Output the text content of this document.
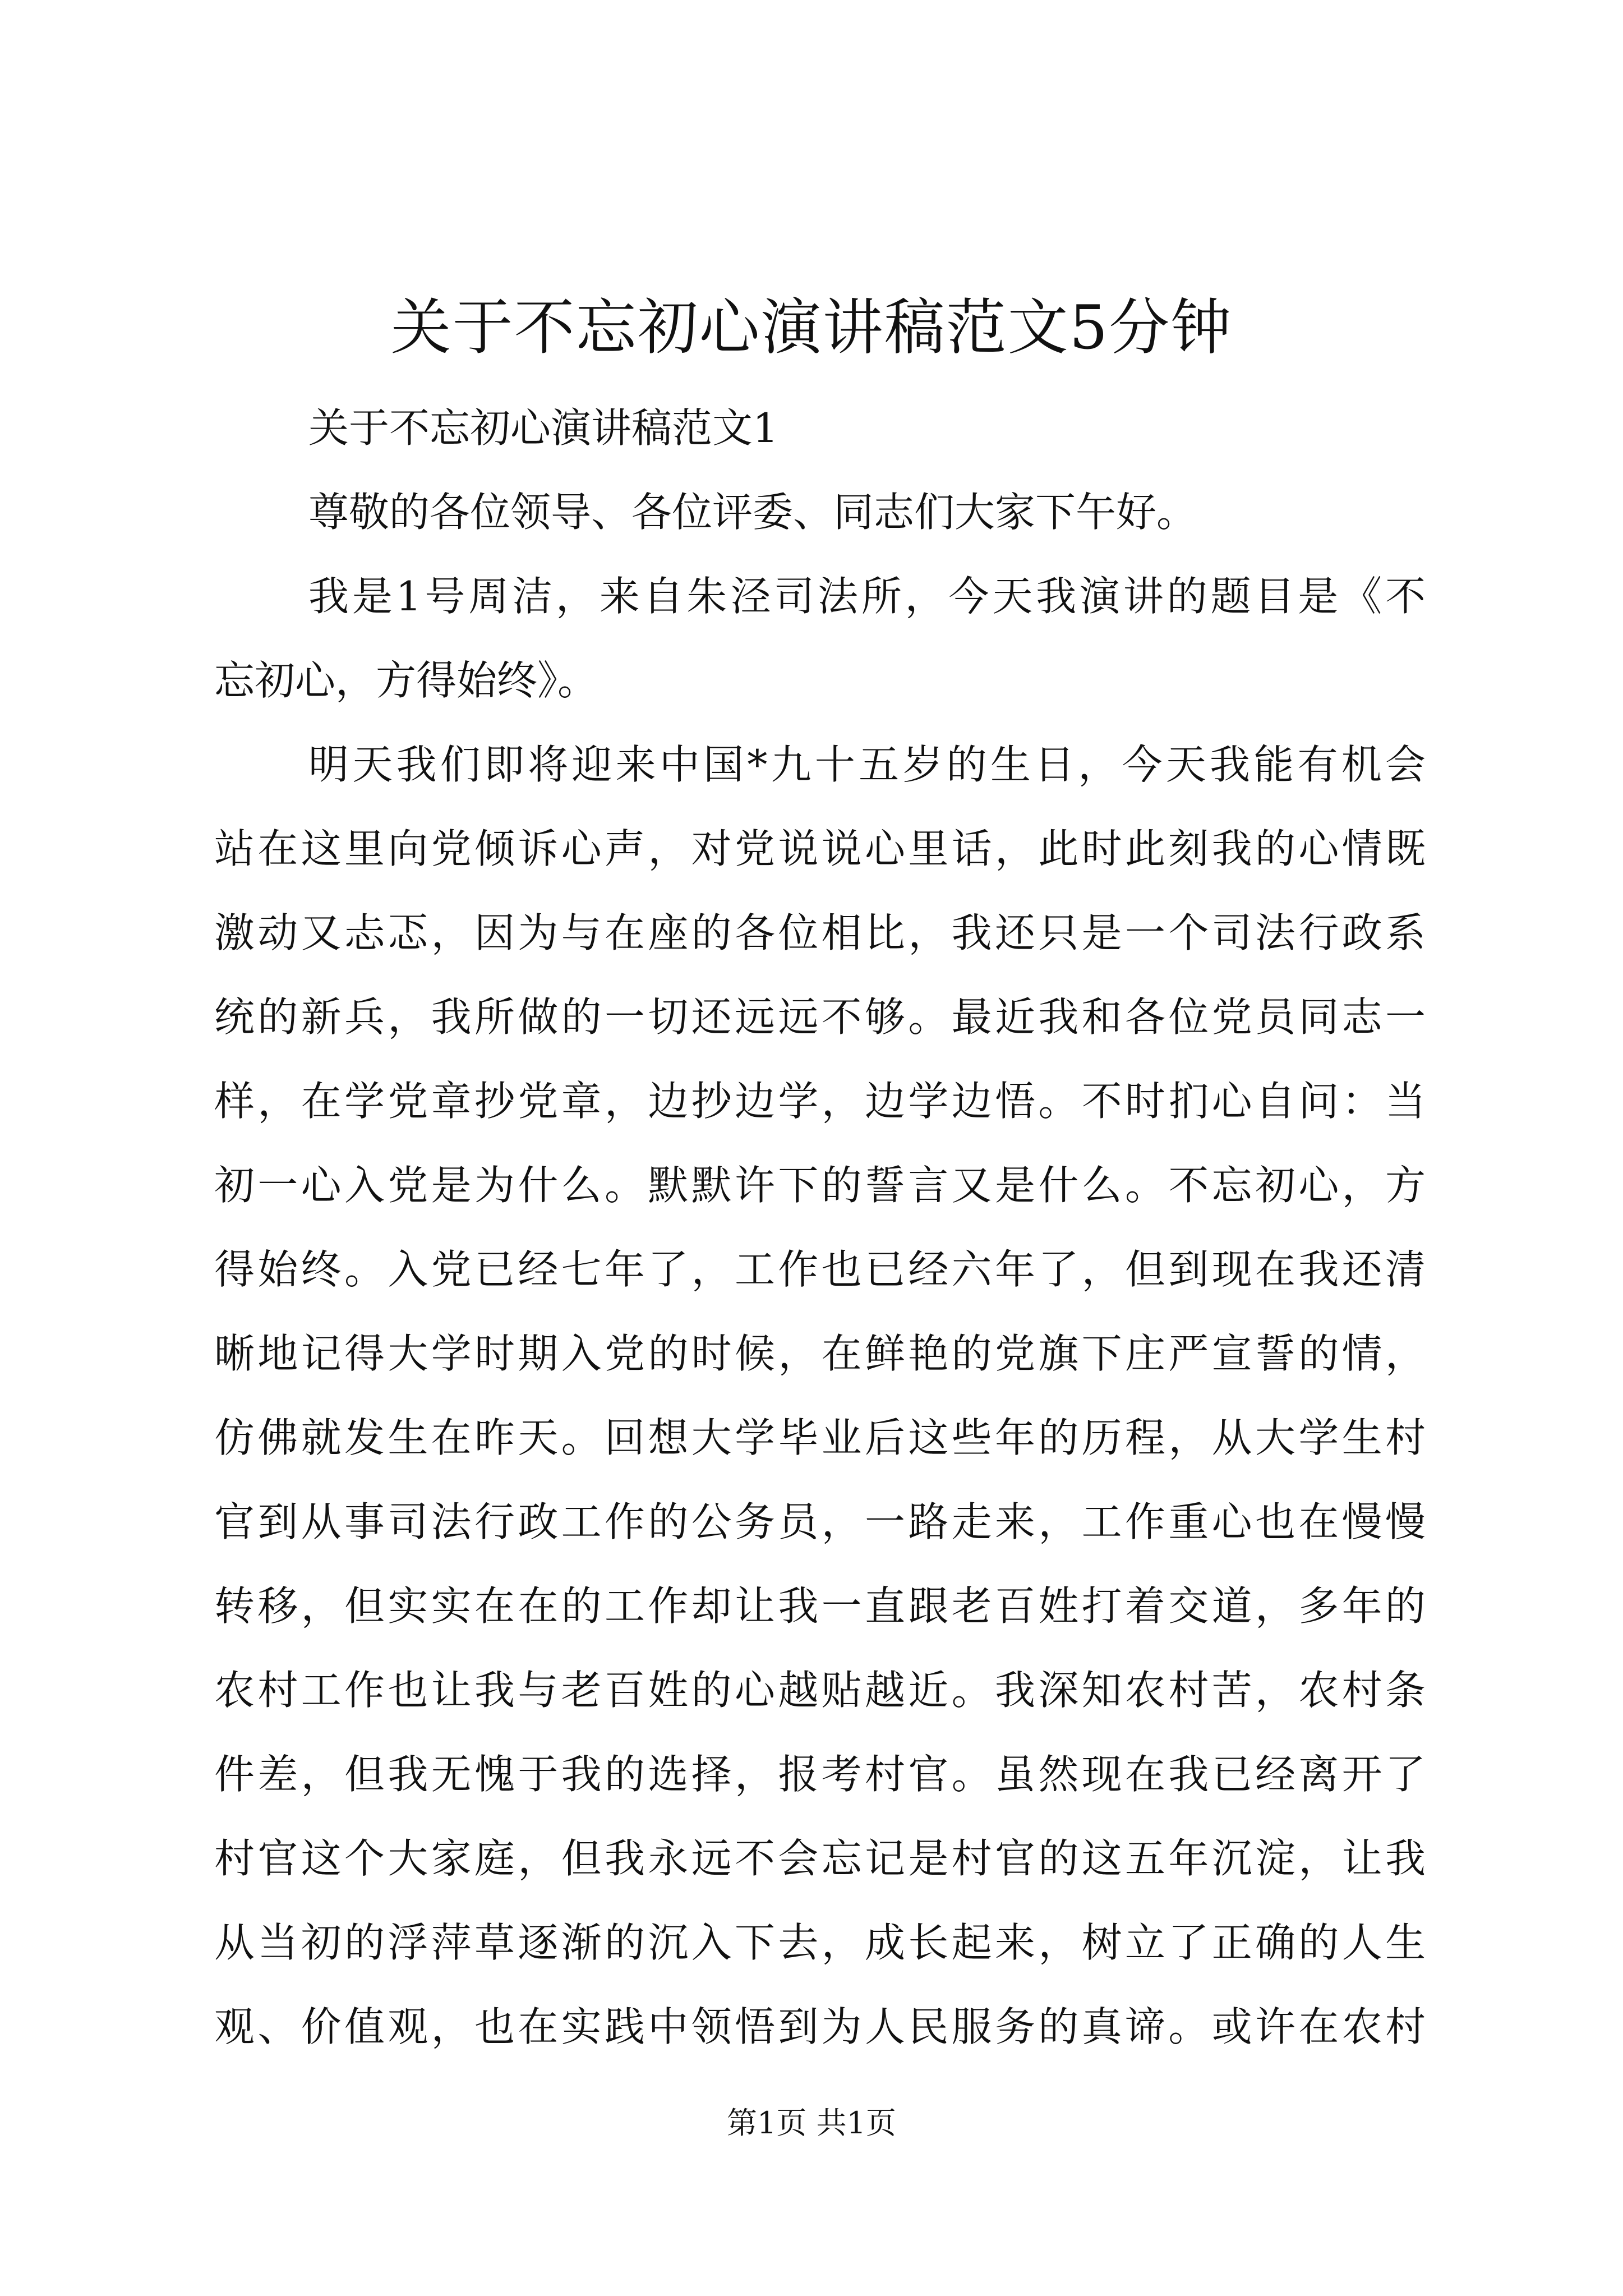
关于不忘初心演讲稿范文5分钟
关于不忘初心演讲稿范文1
尊敬的各位领导、各位评委、同志们大家下午好。
我是1号周洁，来自朱泾司法所，今天我演讲的题目是《不
忘初心，方得始终》。
明天我们即将迎来中国*九十五岁的生日，今天我能有机会
站在这里向党倾诉心声，对党说说心里话，此时此刻我的心情既
激动又忐忑，因为与在座的各位相比，我还只是一个司法行政系
统的新兵，我所做的一切还远远不够。最近我和各位党员同志一
样，在学党章抄党章，边抄边学，边学边悟。不时扪心自问：当
初一心入党是为什么。默默许下的誓言又是什么。不忘初心，方
得始终。入党已经七年了，工作也已经六年了，但到现在我还清
晰地记得大学时期入党的时候，在鲜艳的党旗下庄严宣誓的情，
仿佛就发生在昨天。回想大学毕业后这些年的历程，从大学生村
官到从事司法行政工作的公务员，一路走来，工作重心也在慢慢
转移，但实实在在的工作却让我一直跟老百姓打着交道，多年的
农村工作也让我与老百姓的心越贴越近。我深知农村苦，农村条
件差，但我无愧于我的选择，报考村官。虽然现在我已经离开了
村官这个大家庭，但我永远不会忘记是村官的这五年沉淀，让我
从当初的浮萍草逐渐的沉入下去，成长起来，树立了正确的人生
观、价值观，也在实践中领悟到为人民服务的真谛。或许在农村
第1页 共1页
